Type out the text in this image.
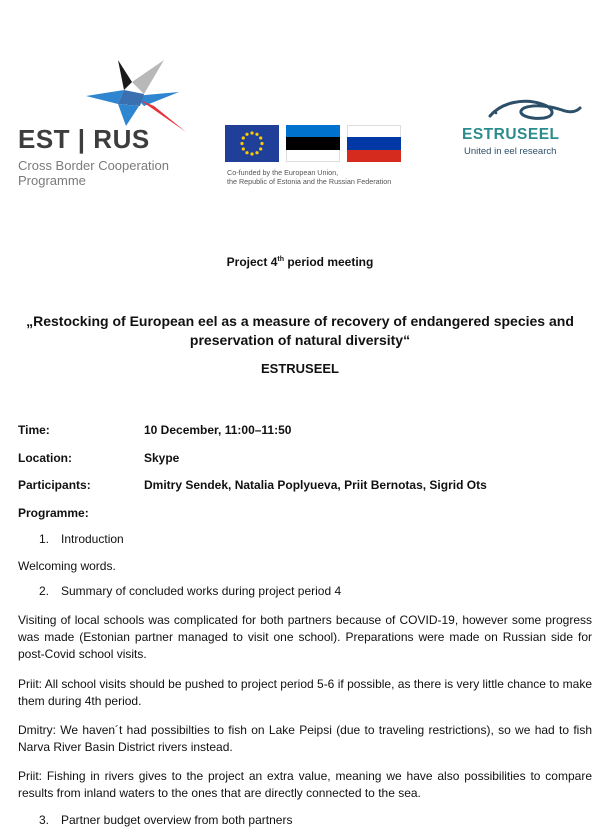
EST | RUS
Cross Border Cooperation
Programme
Co-funded by the European Union,
the Republic of Estonia and the Russian Federation
ESTRUSEEL
United in eel research
Project 4th period meeting
„Restocking of European eel as a measure of recovery of endangered species and
preservation of natural diversity“
ESTRUSEEL
Time:	10 December, 11:00–11:50
Location:	Skype
Participants:	Dmitry Sendek, Natalia Poplyueva, Priit Bernotas, Sigrid Ots
Programme:
1. Introduction
Welcoming words.
2. Summary of concluded works during project period 4
Visiting of local schools was complicated for both partners because of COVID-19, however some progress was made (Estonian partner managed to visit one school). Preparations were made on Russian side for post-Covid school visits.
Priit: All school visits should be pushed to project period 5-6 if possible, as there is very little chance to make them during 4th period.
Dmitry: We haven´t had possibilties to fish on Lake Peipsi (due to traveling restrictions), so we had to fish Narva River Basin District rivers instead.
Priit: Fishing in rivers gives to the project an extra value, meaning we have also possibilities to compare results from inland waters to the ones that are directly connected to the sea.
3. Partner budget overview from both partners
